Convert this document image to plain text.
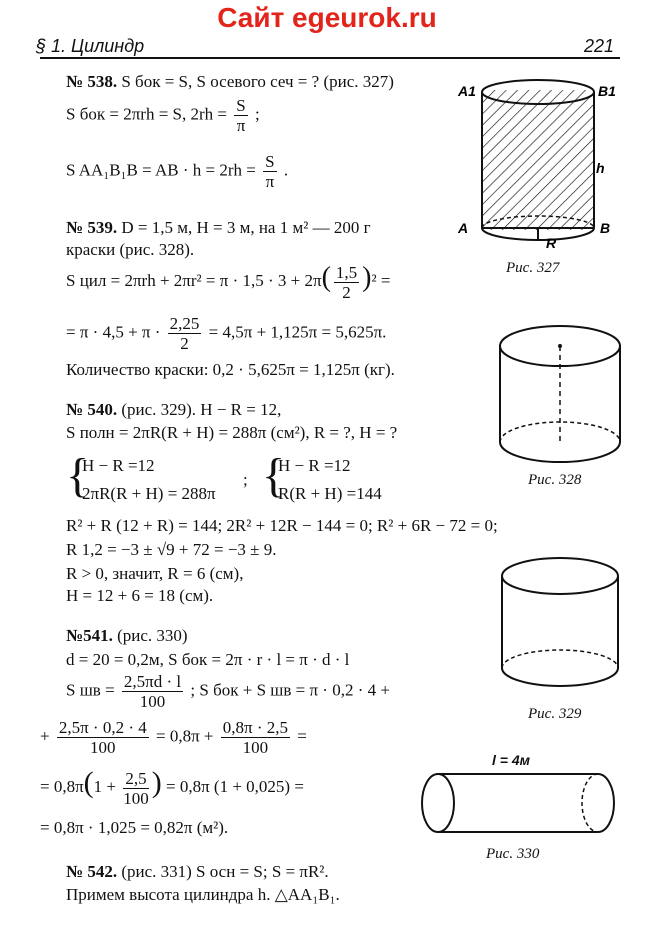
Сайт egeurok.ru
§ 1. Цилиндр	221
№ 538. S бок = S, S осевого сеч = ? (рис. 327)
S бок = 2πrh = S, $2rh = \frac{S}{\pi}$ ;
S AA₁B₁B = AB · $h = 2rh = \frac{S}{\pi}$ .
№ 539. D = 1,5 м, H = 3 м, на 1 м² — 200 г
краски (рис. 328).
S цил = $2\pi rh + 2\pi r^2 = \pi \cdot 1,5 \cdot 3 + 2\pi( \frac{1,5}{2} )^2$ =
= $\pi \cdot 4,5 + \pi \cdot \frac{2,25}{2} = 4,5\pi + 1,125\pi = 5,625\pi$.
Количество краски: 0,2 · 5,625π = 1,125π (кг).
№ 540. (рис. 329). H − R = 12,
S полн = 2πR(R + H) = 288π (см²), R = ?, H = ?
{
H − R =12
2πR(R + H) = 288π
; {
H − R =12
R(R + H) =144
R² + R (12 + R) = 144; 2R² + 12R − 144 = 0; R² + 6R − 72 = 0;
R 1,2 = −3 ± √9 + 72 = −3 ± 9.
R > 0, значит, R = 6 (см),
H = 12 + 6 = 18 (см).
№541. (рис. 330)
d = 20 = 0,2м, S бок = 2π · r · l = π · d · l
S шв = $\frac{2,5\pi d \cdot l}{100}$ ; S бок + S шв = π · 0,2 · 4 +
+ $\frac{2,5\pi \cdot 0,2 \cdot 4}{100} = 0,8\pi + \frac{0,8\pi \cdot 2,5}{100}$ =
= $0,8\pi(1 + \frac{2,5}{100}$ ) = 0,8π (1 + 0,025) =
= 0,8π · 1,025 = 0,82π (м²).
№ 542. (рис. 331) S осн = S; S = πR².
Примем высота цилиндра h. △AA₁B₁.
A1	B1
A	B
h
R
Рис. 327
Рис. 328
Рис. 329
l = 4м
Рис. 330
